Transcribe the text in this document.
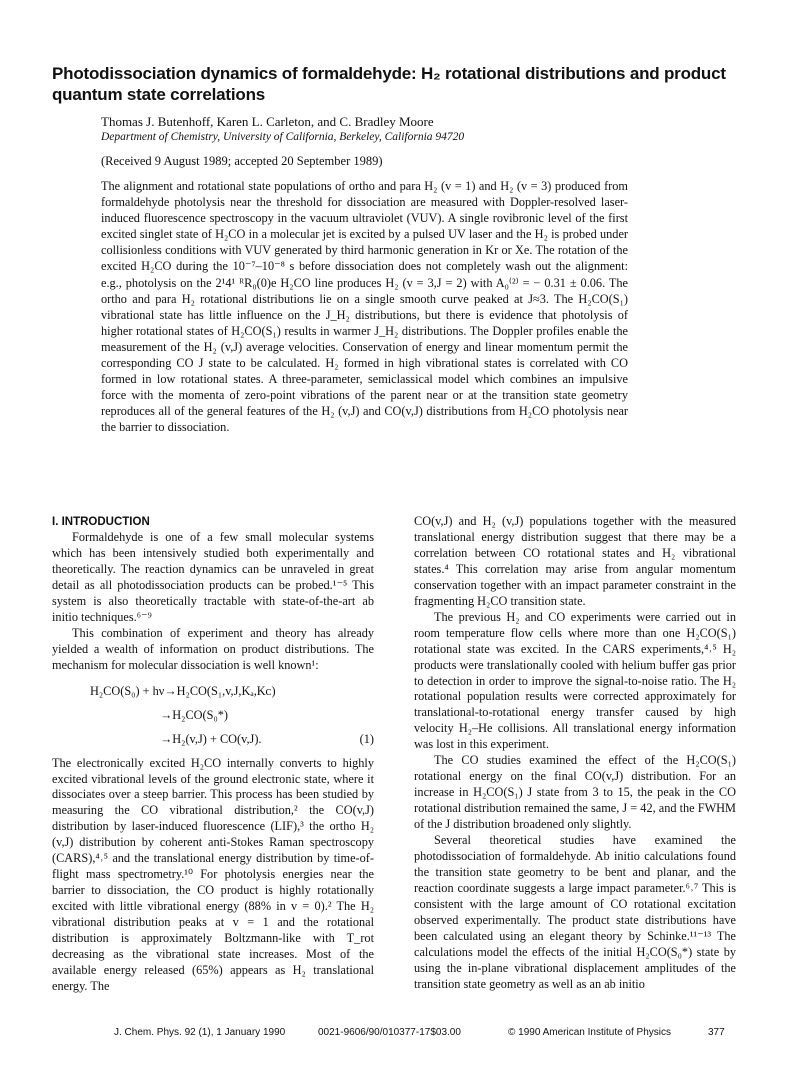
Photodissociation dynamics of formaldehyde: H₂ rotational distributions and product quantum state correlations

Thomas J. Butenhoff, Karen L. Carleton, and C. Bradley Moore

Department of Chemistry, University of California, Berkeley, California 94720

(Received 9 August 1989; accepted 20 September 1989)

The alignment and rotational state populations of ortho and para H₂ (v = 1) and H₂ (v = 3) produced from formaldehyde photolysis near the threshold for dissociation are measured with Doppler-resolved laser-induced fluorescence spectroscopy in the vacuum ultraviolet (VUV). A single rovibronic level of the first excited singlet state of H₂CO in a molecular jet is excited by a pulsed UV laser and the H₂ is probed under collisionless conditions with VUV generated by third harmonic generation in Kr or Xe. The rotation of the excited H₂CO during the 10⁻⁷–10⁻⁸ s before dissociation does not completely wash out the alignment: e.g., photolysis on the 2¹4¹ ᴿR₀(0)e H₂CO line produces H₂ (v = 3,J = 2) with A₀⁽²⁾ = − 0.31 ± 0.06. The ortho and para H₂ rotational distributions lie on a single smooth curve peaked at J≈3. The H₂CO(S₁) vibrational state has little influence on the J_H₂ distributions, but there is evidence that photolysis of higher rotational states of H₂CO(S₁) results in warmer J_H₂ distributions. The Doppler profiles enable the measurement of the H₂ (v,J) average velocities. Conservation of energy and linear momentum permit the corresponding CO J state to be calculated. H₂ formed in high vibrational states is correlated with CO formed in low rotational states. A three-parameter, semiclassical model which combines an impulsive force with the momenta of zero-point vibrations of the parent near or at the transition state geometry reproduces all of the general features of the H₂ (v,J) and CO(v,J) distributions from H₂CO photolysis near the barrier to dissociation.

I. INTRODUCTION

Formaldehyde is one of a few small molecular systems which has been intensively studied both experimentally and theoretically. The reaction dynamics can be unraveled in great detail as all photodissociation products can be probed.¹⁻⁵ This system is also theoretically tractable with state-of-the-art ab initio techniques.⁶⁻⁹

This combination of experiment and theory has already yielded a wealth of information on product distributions. The mechanism for molecular dissociation is well known¹:

H₂CO(S₀) + hν→H₂CO(S₁,v,J,Kₐ,Kᴄ)
→H₂CO(S₀*)
→H₂(v,J) + CO(v,J).	(1)

The electronically excited H₂CO internally converts to highly excited vibrational levels of the ground electronic state, where it dissociates over a steep barrier. This process has been studied by measuring the CO vibrational distribution,² the CO(v,J) distribution by laser-induced fluorescence (LIF),³ the ortho H₂ (v,J) distribution by coherent anti-Stokes Raman spectroscopy (CARS),⁴˒⁵ and the translational energy distribution by time-of-flight mass spectrometry.¹⁰ For photolysis energies near the barrier to dissociation, the CO product is highly rotationally excited with little vibrational energy (88% in v = 0).² The H₂ vibrational distribution peaks at v = 1 and the rotational distribution is approximately Boltzmann-like with T_rot decreasing as the vibrational state increases. Most of the available energy released (65%) appears as H₂ translational energy. The

CO(v,J) and H₂ (v,J) populations together with the measured translational energy distribution suggest that there may be a correlation between CO rotational states and H₂ vibrational states.⁴ This correlation may arise from angular momentum conservation together with an impact parameter constraint in the fragmenting H₂CO transition state.

The previous H₂ and CO experiments were carried out in room temperature flow cells where more than one H₂CO(S₁) rotational state was excited. In the CARS experiments,⁴˒⁵ H₂ products were translationally cooled with helium buffer gas prior to detection in order to improve the signal-to-noise ratio. The H₂ rotational population results were corrected approximately for translational-to-rotational energy transfer caused by high velocity H₂–He collisions. All translational energy information was lost in this experiment.

The CO studies examined the effect of the H₂CO(S₁) rotational energy on the final CO(v,J) distribution. For an increase in H₂CO(S₁) J state from 3 to 15, the peak in the CO rotational distribution remained the same, J = 42, and the FWHM of the J distribution broadened only slightly.

Several theoretical studies have examined the photodissociation of formaldehyde. Ab initio calculations found the transition state geometry to be bent and planar, and the reaction coordinate suggests a large impact parameter.⁶˒⁷ This is consistent with the large amount of CO rotational excitation observed experimentally. The product state distributions have been calculated using an elegant theory by Schinke.¹¹⁻¹³ The calculations model the effects of the initial H₂CO(S₀*) state by using the in-plane vibrational displacement amplitudes of the transition state geometry as well as an ab initio

J. Chem. Phys. 92 (1), 1 January 1990	0021-9606/90/010377-17$03.00	© 1990 American Institute of Physics	377
